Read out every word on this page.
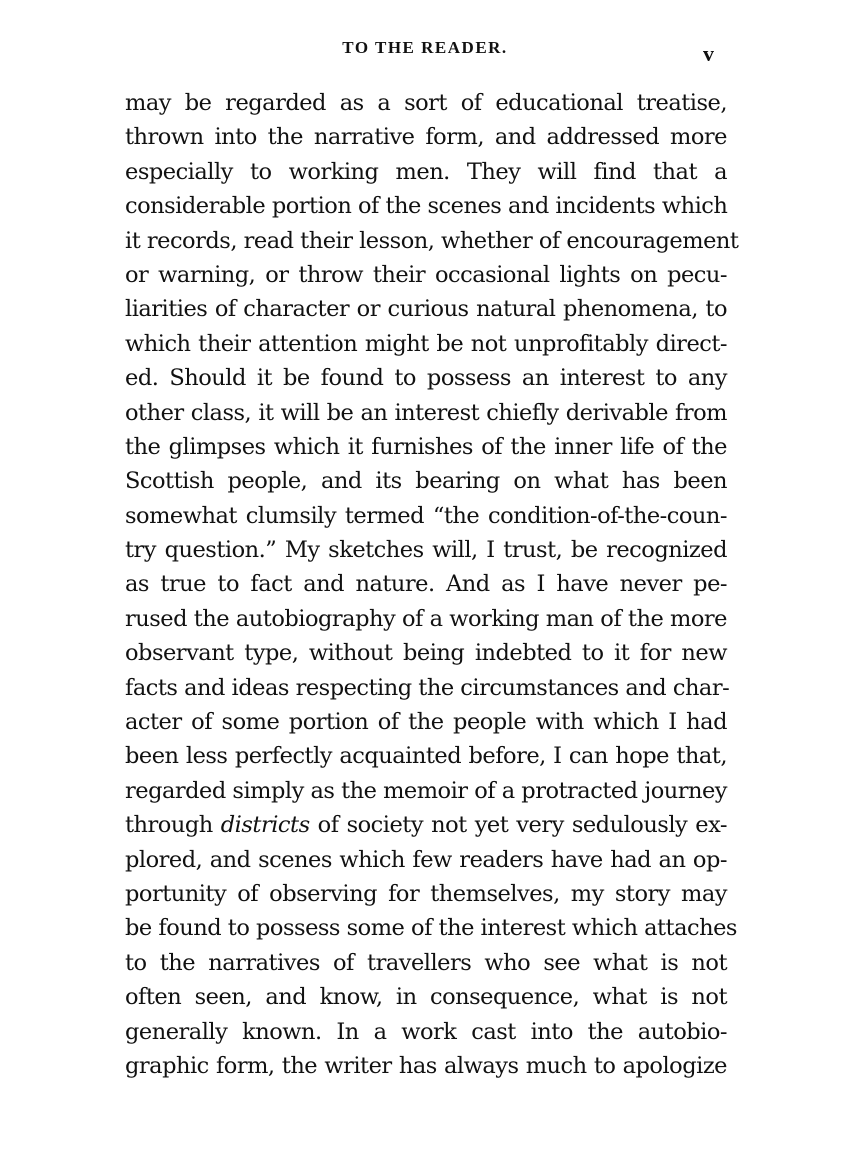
TO THE READER.	v
may be regarded as a sort of educational treatise,
thrown into the narrative form, and addressed more
especially to working men. They will find that a
considerable portion of the scenes and incidents which
it records, read their lesson, whether of encouragement
or warning, or throw their occasional lights on pecu-
liarities of character or curious natural phenomena, to
which their attention might be not unprofitably direct-
ed. Should it be found to possess an interest to any
other class, it will be an interest chiefly derivable from
the glimpses which it furnishes of the inner life of the
Scottish people, and its bearing on what has been
somewhat clumsily termed “the condition-of-the-coun-
try question.” My sketches will, I trust, be recognized
as true to fact and nature. And as I have never pe-
rused the autobiography of a working man of the more
observant type, without being indebted to it for new
facts and ideas respecting the circumstances and char-
acter of some portion of the people with which I had
been less perfectly acquainted before, I can hope that,
regarded simply as the memoir of a protracted journey
through districts of society not yet very sedulously ex-
plored, and scenes which few readers have had an op-
portunity of observing for themselves, my story may
be found to possess some of the interest which attaches
to the narratives of travellers who see what is not
often seen, and know, in consequence, what is not
generally known. In a work cast into the autobio-
graphic form, the writer has always much to apologize
